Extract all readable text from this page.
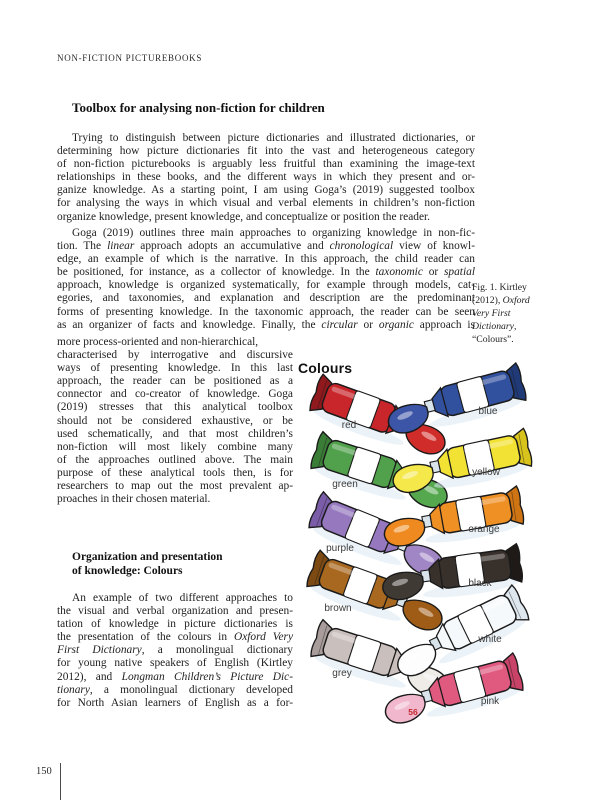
NON-FICTION PICTUREBOOKS
Toolbox for analysing non-fiction for children
Trying to distinguish between picture dictionaries and illustrated dictionaries, or
determining how picture dictionaries fit into the vast and heterogeneous category
of non-fiction picturebooks is arguably less fruitful than examining the image-text
relationships in these books, and the different ways in which they present and or-
ganize knowledge. As a starting point, I am using Goga’s (2019) suggested toolbox
for analysing the ways in which visual and verbal elements in children’s non-fiction
organize knowledge, present knowledge, and conceptualize or position the reader.
Goga (2019) outlines three main approaches to organizing knowledge in non-fic-
tion. The linear approach adopts an accumulative and chronological view of knowl-
edge, an example of which is the narrative. In this approach, the child reader can
be positioned, for instance, as a collector of knowledge. In the taxonomic or spatial
approach, knowledge is organized systematically, for example through models, cat-
egories, and taxonomies, and explanation and description are the predominant
forms of presenting knowledge. In the taxonomic approach, the reader can be seen
as an organizer of facts and knowledge. Finally, the circular or organic approach is
more process-oriented and non-hierarchical,
characterised by interrogative and discursive
ways of presenting knowledge. In this last
approach, the reader can be positioned as a
connector and co-creator of knowledge. Goga
(2019) stresses that this analytical toolbox
should not be considered exhaustive, or be
used schematically, and that most children’s
non-fiction will most likely combine many
of the approaches outlined above. The main
purpose of these analytical tools then, is for
researchers to map out the most prevalent ap-
proaches in their chosen material.
Organization and presentation
of knowledge: Colours
An example of two different approaches to
the visual and verbal organization and presen-
tation of knowledge in picture dictionaries is
the presentation of the colours in Oxford Very
First Dictionary, a monolingual dictionary
for young native speakers of English (Kirtley
2012), and Longman Children’s Picture Dic-
tionary, a monolingual dictionary developed
for North Asian learners of English as a for-
Fig. 1. Kirtley
(2012), Oxford
Very First
Dictionary,
“Colours”.
Colours
56
red
blue
green
yellow
purple
orange
brown
black
grey
white
pink
150
